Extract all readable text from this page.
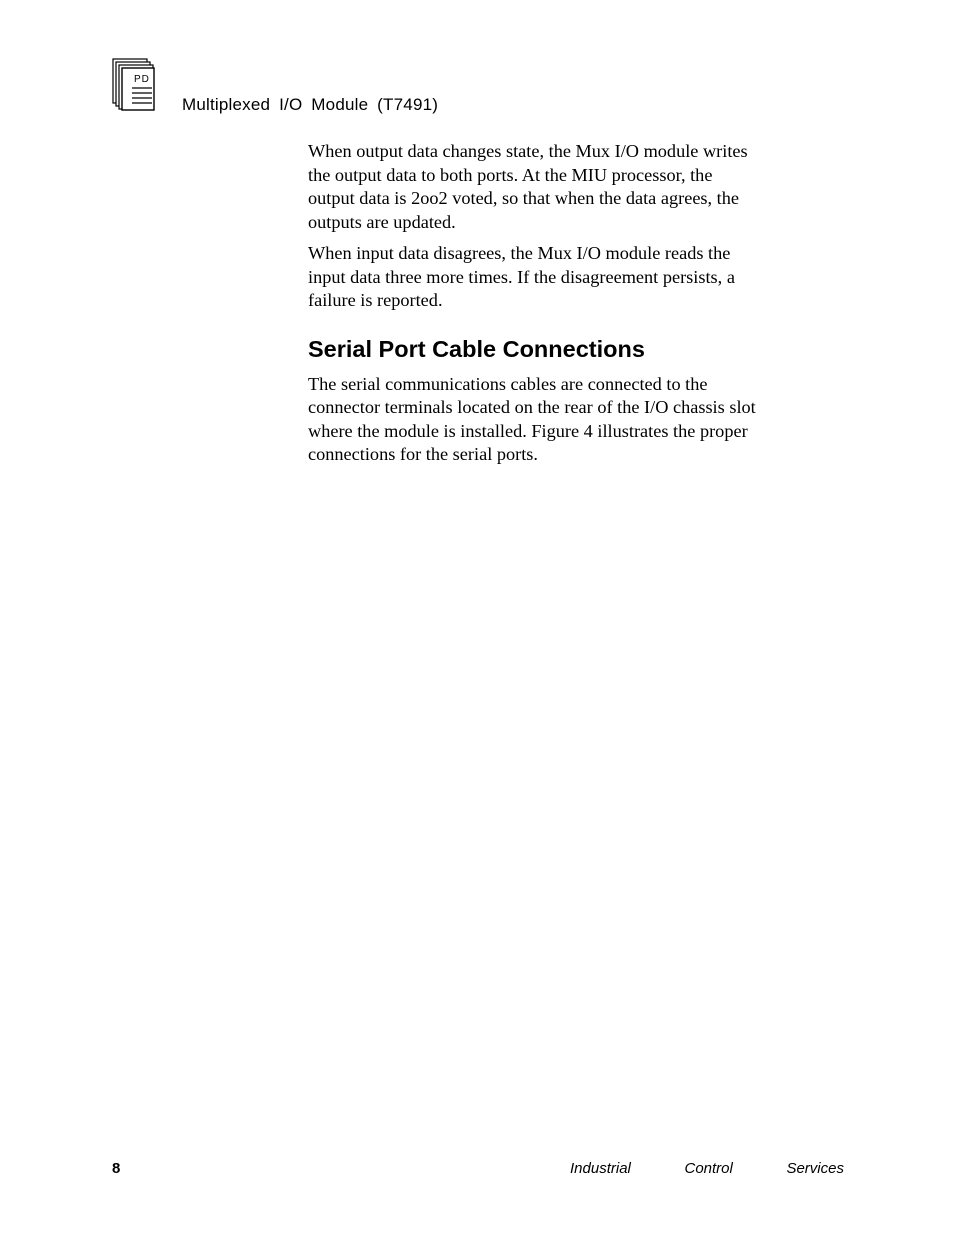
PD
Multiplexed I/O Module (T7491)

When output data changes state, the Mux I/O module writes
the output data to both ports. At the MIU processor, the
output data is 2oo2 voted, so that when the data agrees, the
outputs are updated.

When input data disagrees, the Mux I/O module reads the
input data three more times. If the disagreement persists, a
failure is reported.

Serial Port Cable Connections

The serial communications cables are connected to the
connector terminals located on the rear of the I/O chassis slot
where the module is installed. Figure 4 illustrates the proper
connections for the serial ports.

8	Industrial	Control	Services
